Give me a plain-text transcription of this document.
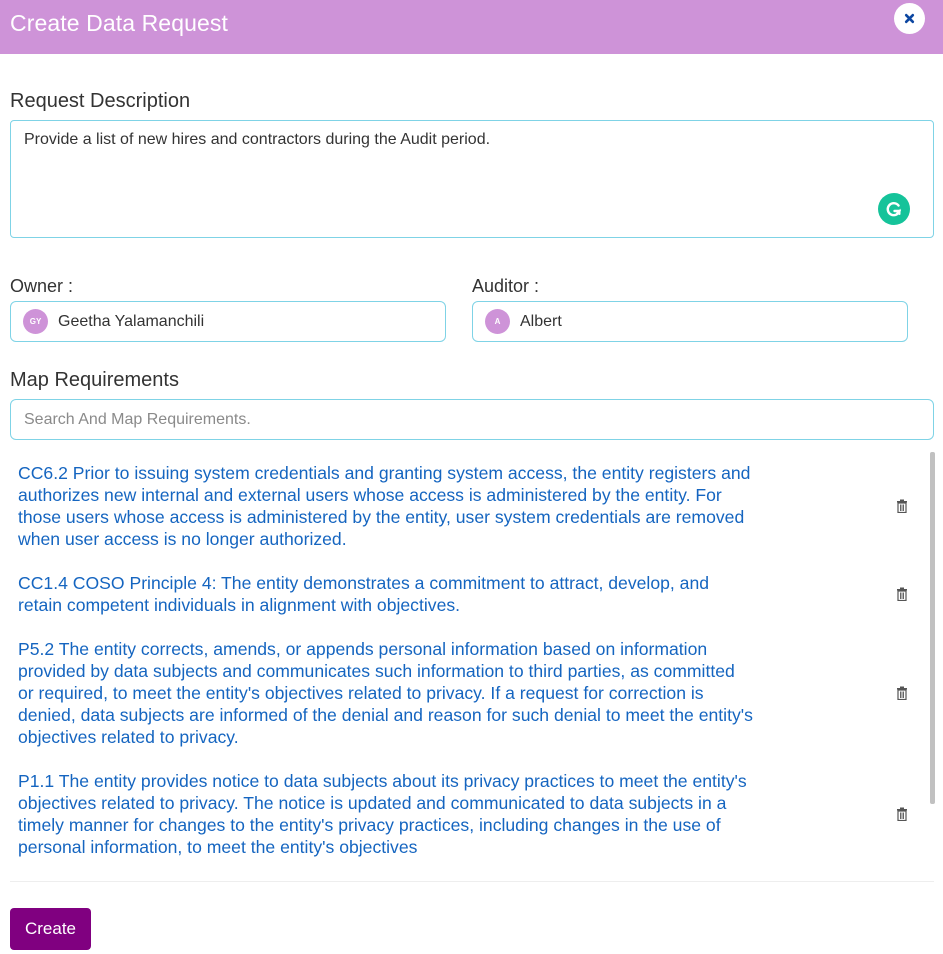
Create Data Request
Request Description
Provide a list of new hires and contractors during the Audit period.
Owner :
GY	Geetha Yalamanchili
Auditor :
A	Albert
Map Requirements
Search And Map Requirements.
CC6.2 Prior to issuing system credentials and granting system access, the entity registers and authorizes new internal and external users whose access is administered by the entity. For those users whose access is administered by the entity, user system credentials are removed when user access is no longer authorized.
CC1.4 COSO Principle 4: The entity demonstrates a commitment to attract, develop, and retain competent individuals in alignment with objectives.
P5.2 The entity corrects, amends, or appends personal information based on information provided by data subjects and communicates such information to third parties, as committed or required, to meet the entity's objectives related to privacy. If a request for correction is denied, data subjects are informed of the denial and reason for such denial to meet the entity's objectives related to privacy.
P1.1 The entity provides notice to data subjects about its privacy practices to meet the entity's objectives related to privacy. The notice is updated and communicated to data subjects in a timely manner for changes to the entity's privacy practices, including changes in the use of personal information, to meet the entity's objectives
Create
